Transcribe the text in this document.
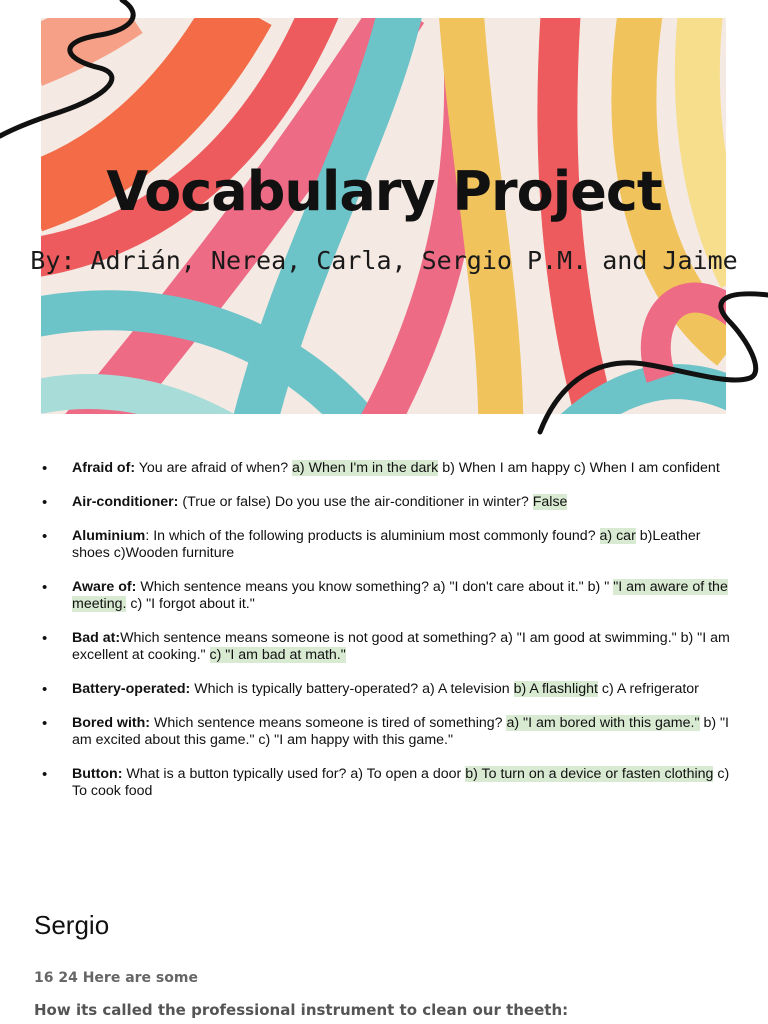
Vocabulary Project

By: Adrián, Nerea, Carla, Sergio P.M. and Jaime

• Afraid of: You are afraid of when? a) When I'm in the dark b) When I am happy c) When I am confident
• Air-conditioner: (True or false) Do you use the air-conditioner in winter? False
• Aluminium: In which of the following products is aluminium most commonly found? a) car b)Leather shoes c)Wooden furniture
• Aware of: Which sentence means you know something? a) "I don't care about it." b) " "I am aware of the meeting. c) "I forgot about it."
• Bad at:Which sentence means someone is not good at something? a) "I am good at swimming." b) "I am excellent at cooking." c) "I am bad at math."
• Battery-operated: Which is typically battery-operated? a) A television b) A flashlight c) A refrigerator
• Bored with: Which sentence means someone is tired of something? a) "I am bored with this game." b) "I am excited about this game." c) "I am happy with this game."
• Button: What is a button typically used for? a) To open a door b) To turn on a device or fasten clothing c) To cook food
Sergio

16 24 Here are some

How its called the professional instrument to clean our theeth:
